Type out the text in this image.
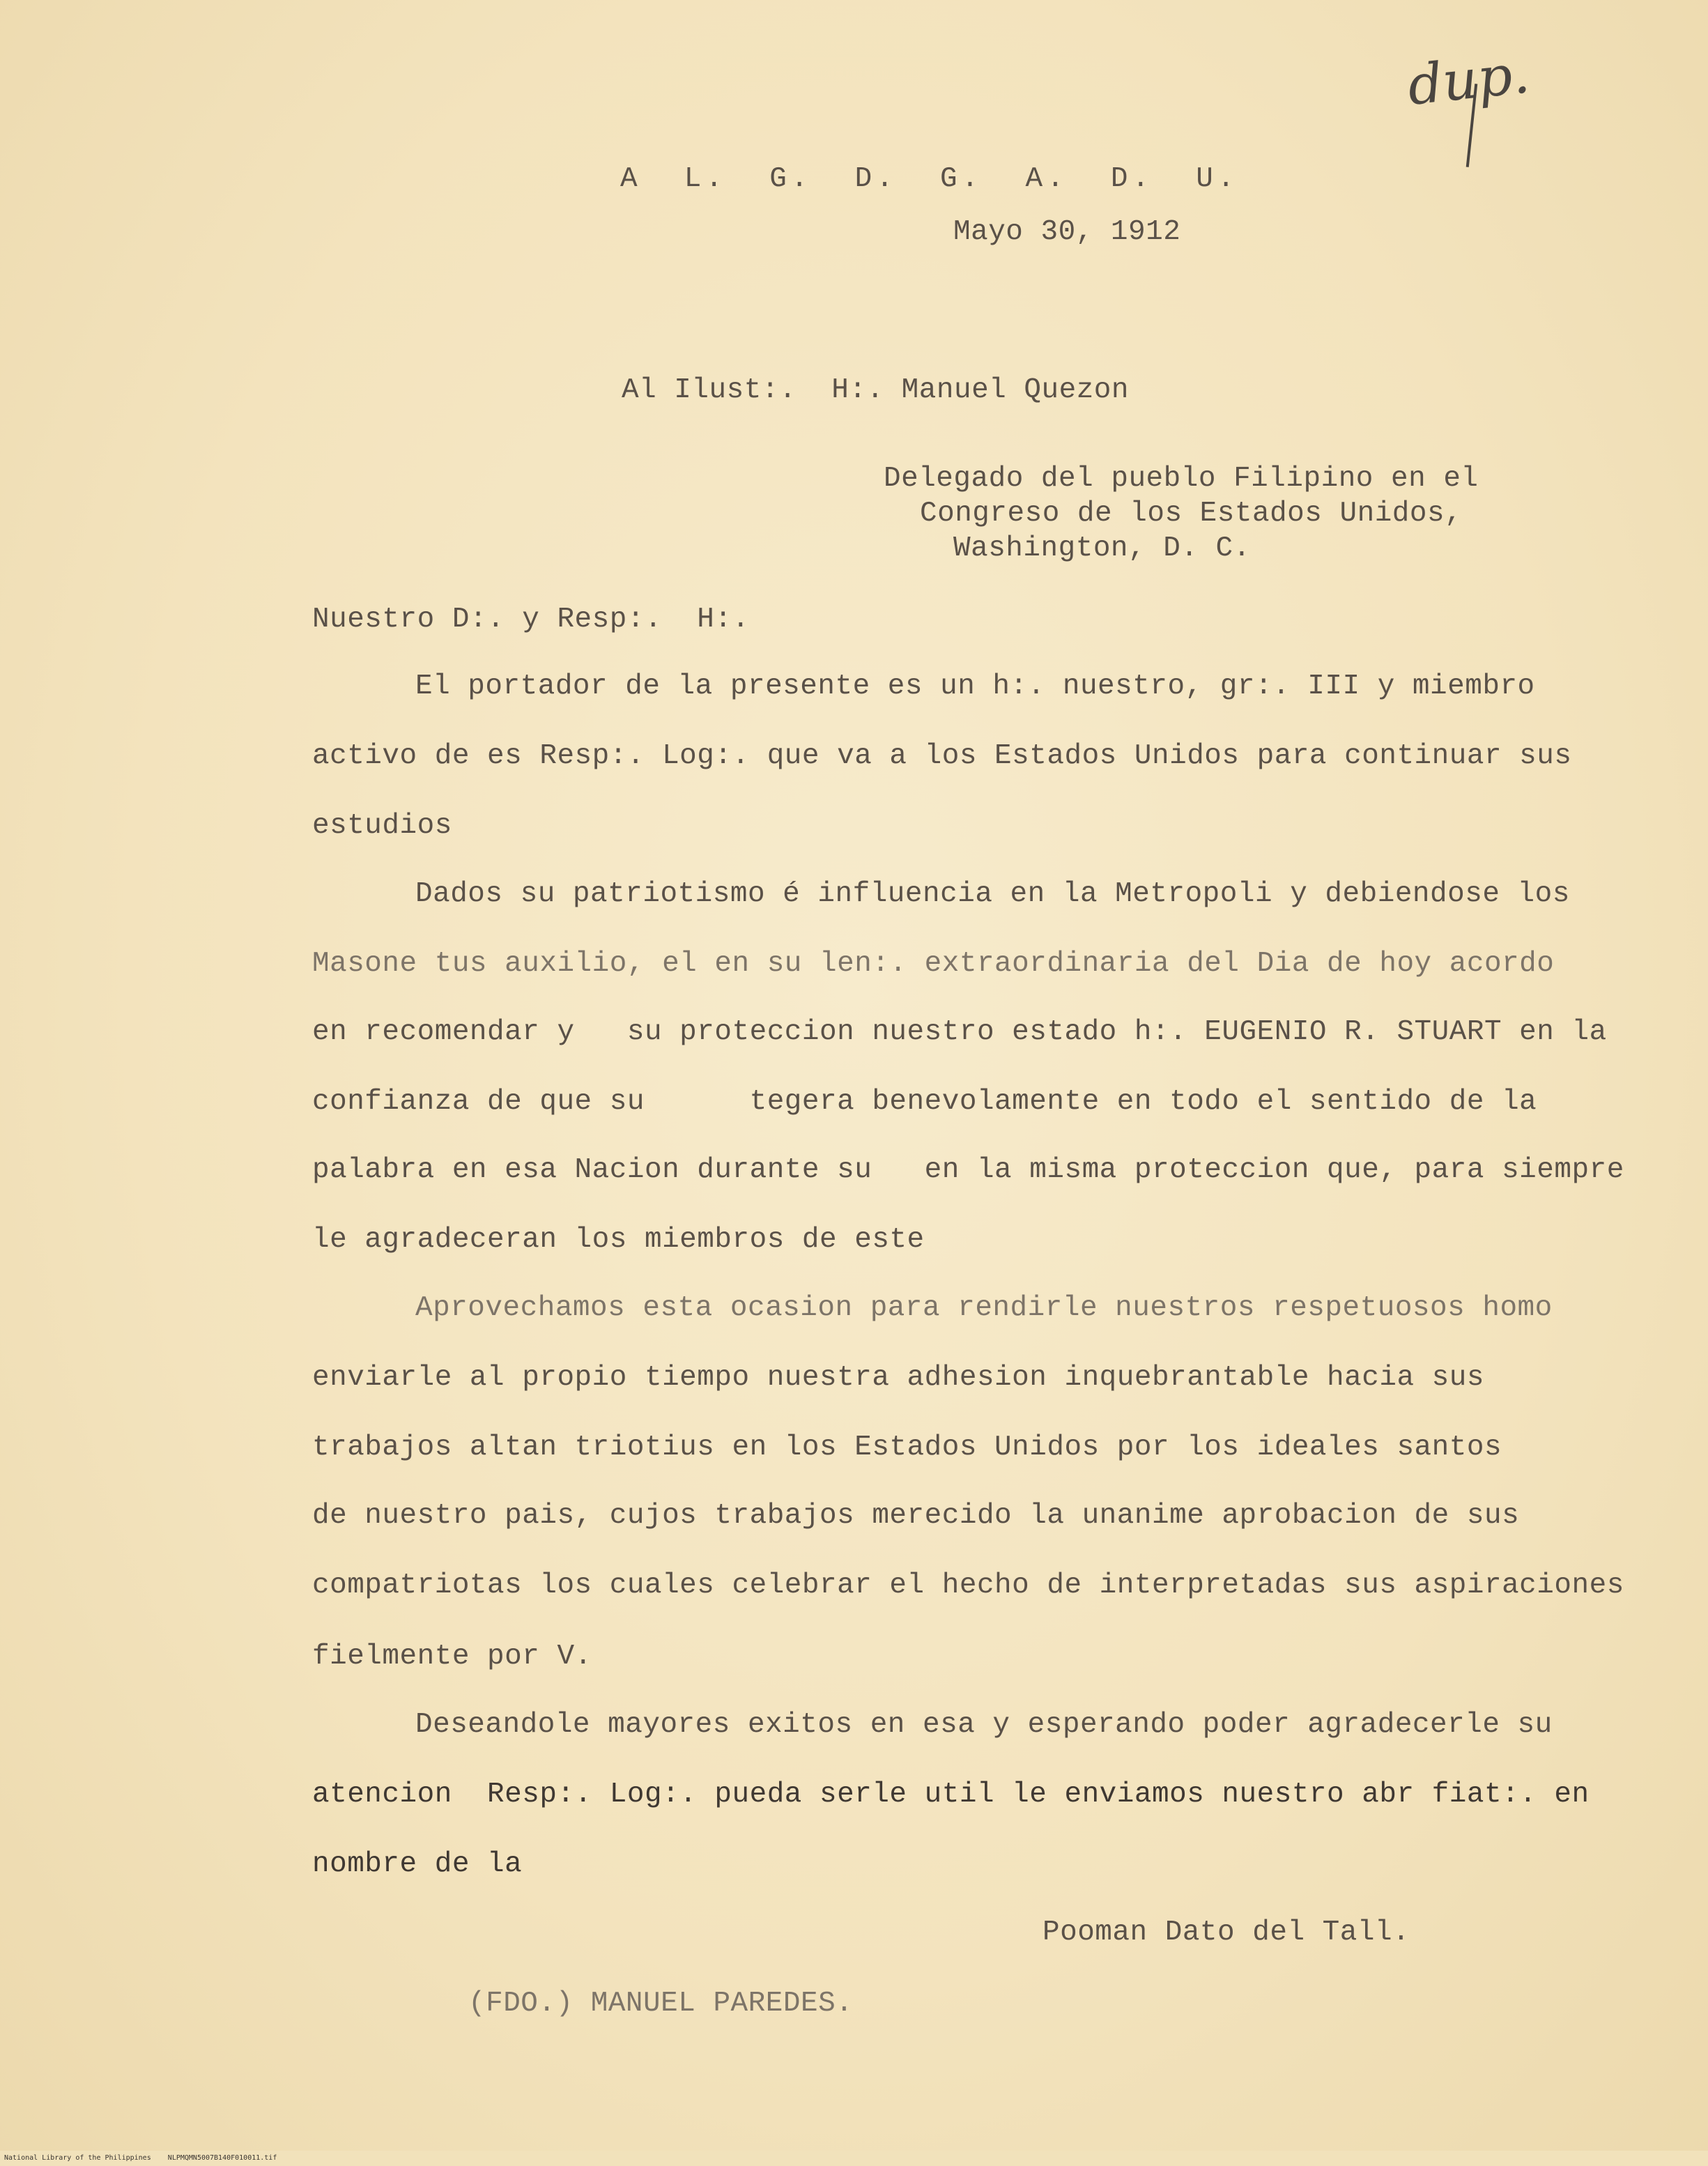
dup.
A  L.  G.  D.  G.  A.  D.  U.
Mayo 30, 1912
Al Ilust:.  H:. Manuel Quezon
Delegado del pueblo Filipino en el
Congreso de los Estados Unidos,
Washington, D. C.
Nuestro D:. y Resp:.  H:.
El portador de la presente es un h:. nuestro, gr:. III y miembro
activo de es Resp:. Log:. que va a los Estados Unidos para continuar sus
estudios
Dados su patriotismo é influencia en la Metropoli y debiendose los
Masone tus auxilio, el en su len:. extraordinaria del Dia de hoy acordo
en recomendar y   su proteccion nuestro estado h:. EUGENIO R. STUART en la
confianza de que su      tegera benevolamente en todo el sentido de la
palabra en esa Nacion durante su   en la misma proteccion que, para siempre
le agradeceran los miembros de este
Aprovechamos esta ocasion para rendirle nuestros respetuosos homo
enviarle al propio tiempo nuestra adhesion inquebrantable hacia sus
trabajos altan triotius en los Estados Unidos por los ideales santos
de nuestro pais, cujos trabajos merecido la unanime aprobacion de sus
compatriotas los cuales celebrar el hecho de interpretadas sus aspiraciones
fielmente por V.
Deseandole mayores exitos en esa y esperando poder agradecerle su
atencion  Resp:. Log:. pueda serle util le enviamos nuestro abr fiat:. en
nombre de la
Pooman Dato del Tall.
(FDO.) MANUEL PAREDES.
National Library of the Philippines    NLPMQMN5007B140F010011.tif
